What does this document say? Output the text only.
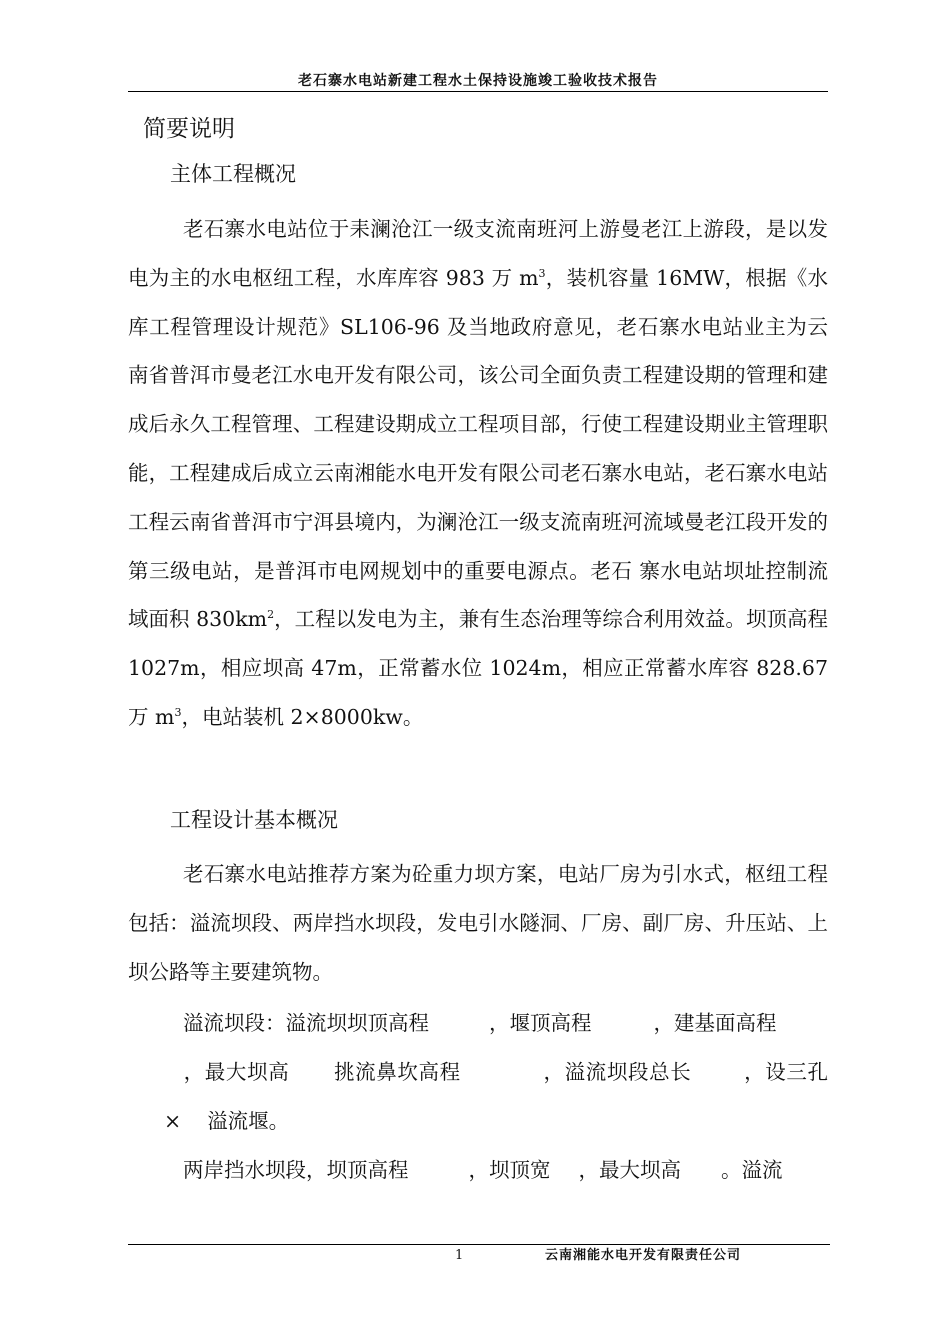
老石寨水电站新建工程水土保持设施竣工验收技术报告
简要说明
主体工程概况

老石寨水电站位于耒澜沧江一级支流南班河上游曼老江上游段，是以发电为主的水电枢纽工程，水库库容 983 万 $m^3$，装机容量 16MW，根据《水库工程管理设计规范》SL106-96 及当地政府意见，老石寨水电站业主为云南省普洱市曼老江水电开发有限公司，该公司全面负责工程建设期的管理和建成后永久工程管理、工程建设期成立工程项目部，行使工程建设期业主管理职能，工程建成后成立云南湘能水电开发有限公司老石寨水电站，老石寨水电站工程云南省普洱市宁洱县境内，为澜沧江一级支流南班河流域曼老江段开发的第三级电站，是普洱市电网规划中的重要电源点。老石 寨水电站坝址控制流域面积 $830km^2$，工程以发电为主，兼有生态治理等综合利用效益。坝顶高程 1027m，相应坝高 47m，正常蓄水位 1024m，相应正常蓄水库容 828.67 万 $m^3$，电站装机 2×8000kw。

工程设计基本概况

老石寨水电站推荐方案为砼重力坝方案，电站厂房为引水式，枢纽工程包括：溢流坝段、两岸挡水坝段，发电引水隧洞、厂房、副厂房、升压站、上坝公路等主要建筑物。

溢流坝段：溢流坝坝顶高程	，堰顶高程	，建基面高程
，最大坝高 挑流鼻坎高程	，溢流坝段总长	，设三孔× 溢流堰。

两岸挡水坝段，坝顶高程	，坝顶宽 ，最大坝高 。溢流

1	云南湘能水电开发有限责任公司
